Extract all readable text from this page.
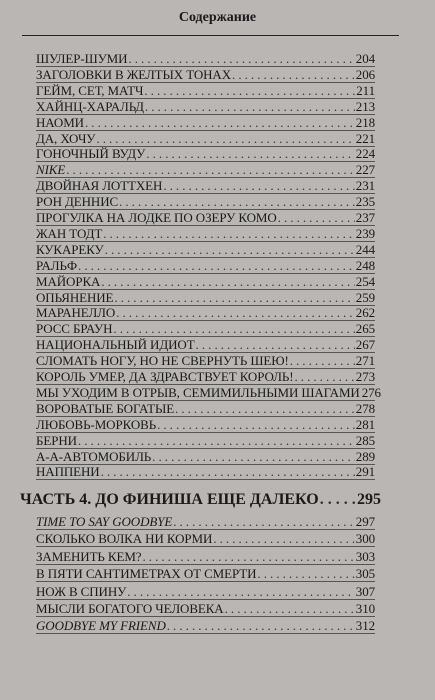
Содержание
ШУЛЕР-ШУМИ . . .	204
ЗАГОЛОВКИ В ЖЕЛТЫХ ТОНАХ . . .	206
ГЕЙМ, СЕТ, МАТЧ . . .	211
ХАЙНЦ-ХАРАЛЬД . . .	213
НАОМИ . . .	218
ДА, ХОЧУ . . .	221
ГОНОЧНЫЙ ВУДУ . . .	224
NIKE . . .	227
ДВОЙНАЯ ЛОТТХЕН . . .	231
РОН ДЕННИС . . .	235
ПРОГУЛКА НА ЛОДКЕ ПО ОЗЕРУ КОМО . . .	237
ЖАН ТОДТ . . .	239
КУКАРЕКУ . . .	244
РАЛЬФ . . .	248
МАЙОРКА . . .	254
ОПЬЯНЕНИЕ . . .	259
МАРАНЕЛЛО . . .	262
РОСС БРАУН . . .	265
НАЦИОНАЛЬНЫЙ ИДИОТ . . .	267
СЛОМАТЬ НОГУ, НО НЕ СВЕРНУТЬ ШЕЮ! . . .	271
КОРОЛЬ УМЕР, ДА ЗДРАВСТВУЕТ КОРОЛЬ! . . .	273
МЫ УХОДИМ В ОТРЫВ, СЕМИМИЛЬНЫМИ ШАГАМИ 276
ВОРОВАТЫЕ БОГАТЫЕ . . .	278
ЛЮБОВЬ-МОРКОВЬ . . .	281
БЕРНИ . . .	285
А-А-АВТОМОБИЛЬ . . .	289
НАППЕНИ . . .	291
ЧАСТЬ 4. ДО ФИНИША ЕЩЕ ДАЛЕКО . . . 295
TIME TO SAY GOODBYE . . .	297
СКОЛЬКО ВОЛКА НИ КОРМИ . . .	300
ЗАМЕНИТЬ КЕМ? . . .	303
В ПЯТИ САНТИМЕТРАХ ОТ СМЕРТИ . . .	305
НОЖ В СПИНУ . . .	307
МЫСЛИ БОГАТОГО ЧЕЛОВЕКА . . .	310
GOODBYE MY FRIEND . . .	312
